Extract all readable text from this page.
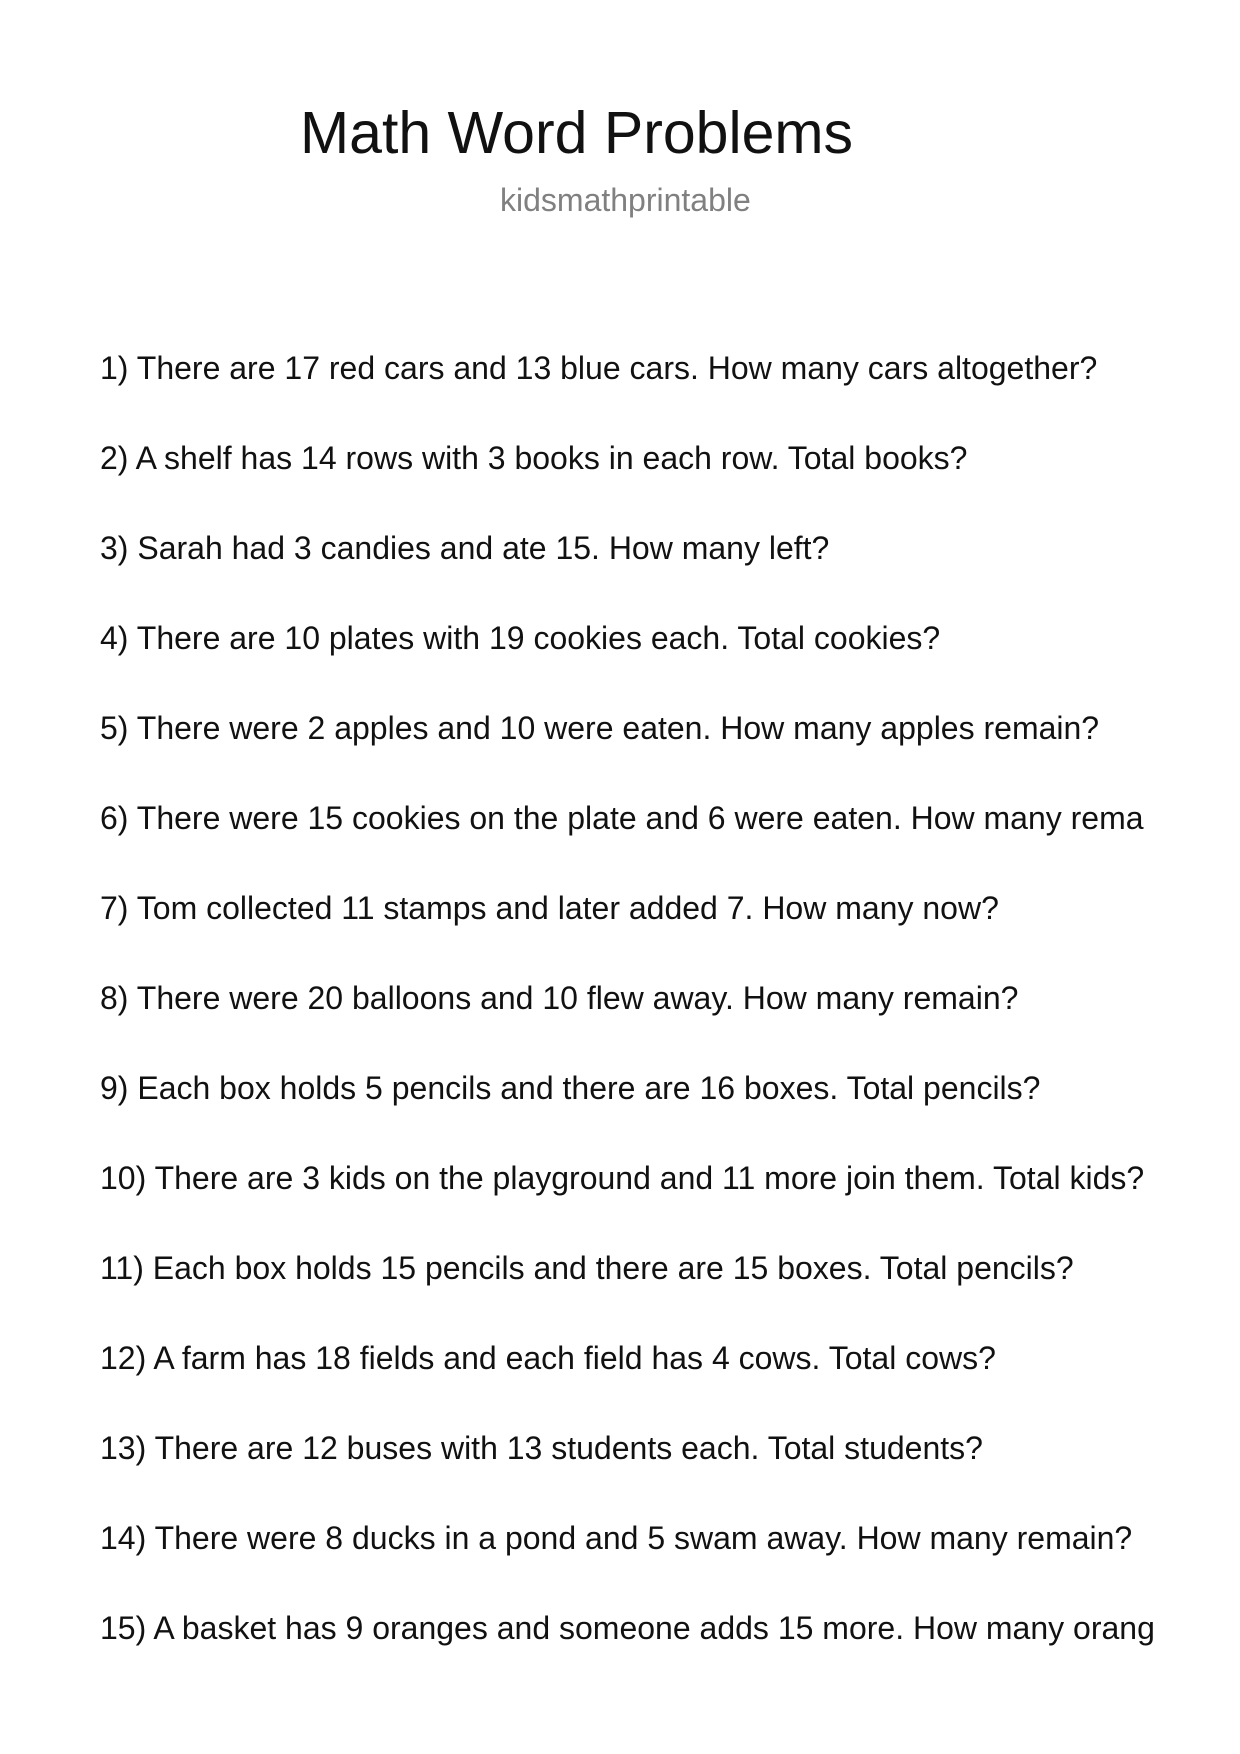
Math Word Problems
kidsmathprintable
1) There are 17 red cars and 13 blue cars. How many cars altogether?
2) A shelf has 14 rows with 3 books in each row. Total books?
3) Sarah had 3 candies and ate 15. How many left?
4) There are 10 plates with 19 cookies each. Total cookies?
5) There were 2 apples and 10 were eaten. How many apples remain?
6) There were 15 cookies on the plate and 6 were eaten. How many rema
7) Tom collected 11 stamps and later added 7. How many now?
8) There were 20 balloons and 10 flew away. How many remain?
9) Each box holds 5 pencils and there are 16 boxes. Total pencils?
10) There are 3 kids on the playground and 11 more join them. Total kids?
11) Each box holds 15 pencils and there are 15 boxes. Total pencils?
12) A farm has 18 fields and each field has 4 cows. Total cows?
13) There are 12 buses with 13 students each. Total students?
14) There were 8 ducks in a pond and 5 swam away. How many remain?
15) A basket has 9 oranges and someone adds 15 more. How many orang
